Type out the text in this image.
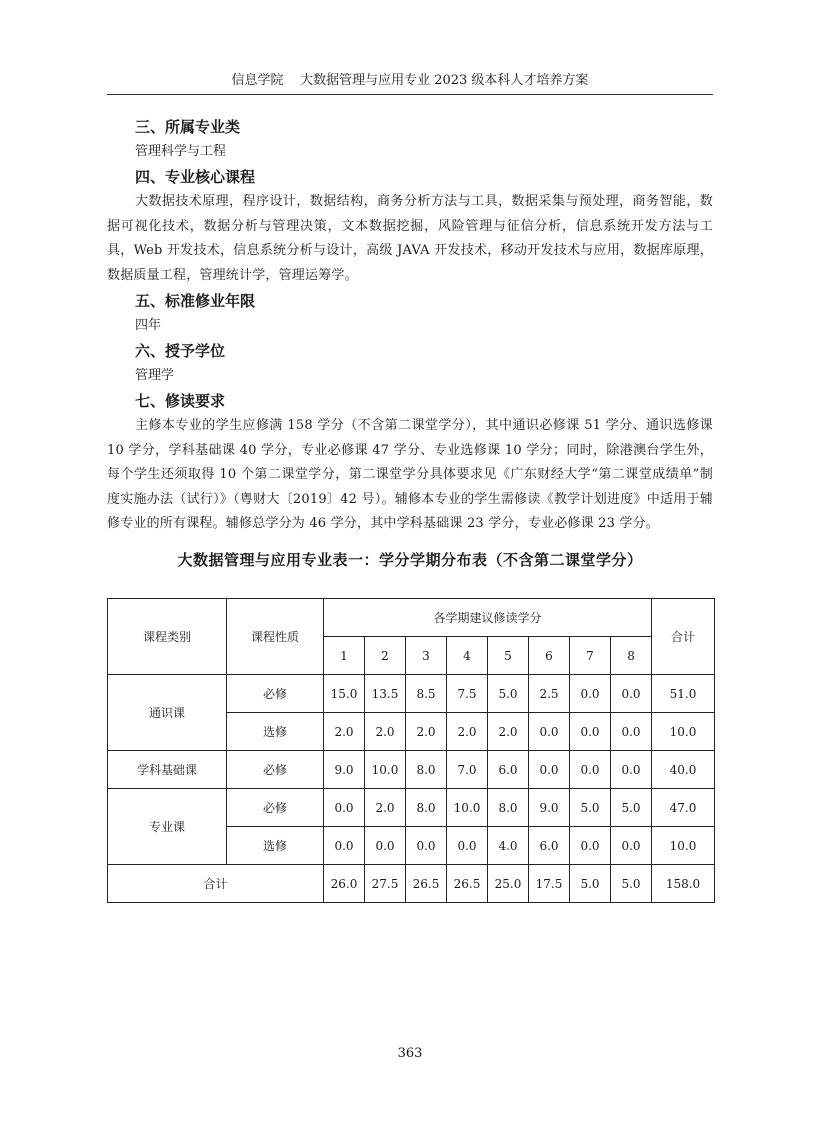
信息学院    大数据管理与应用专业 2023 级本科人才培养方案

三、所属专业类

管理科学与工程

四、专业核心课程

大数据技术原理，程序设计，数据结构，商务分析方法与工具，数据采集与预处理，商务智能，数据可视化技术，数据分析与管理决策，文本数据挖掘，风险管理与征信分析，信息系统开发方法与工具，Web 开发技术，信息系统分析与设计，高级 JAVA 开发技术，移动开发技术与应用，数据库原理，数据质量工程，管理统计学，管理运筹学。

五、标准修业年限

四年

六、授予学位

管理学

七、修读要求

主修本专业的学生应修满 158 学分（不含第二课堂学分），其中通识必修课 51 学分、通识选修课 10 学分，学科基础课 40 学分，专业必修课 47 学分、专业选修课 10 学分；同时，除港澳台学生外，每个学生还须取得 10 个第二课堂学分，第二课堂学分具体要求见《广东财经大学“第二课堂成绩单”制度实施办法（试行）》（粤财大〔2019〕42 号）。辅修本专业的学生需修读《教学计划进度》中适用于辅修专业的所有课程。辅修总学分为 46 学分，其中学科基础课 23 学分，专业必修课 23 学分。

大数据管理与应用专业表一：学分学期分布表（不含第二课堂学分）
课程类别	课程性质	各学期建议修读学分								合计
		1	2	3	4	5	6	7	8	
通识课	必修	15.0	13.5	8.5	7.5	5.0	2.5	0.0	0.0	51.0
	选修	2.0	2.0	2.0	2.0	2.0	0.0	0.0	0.0	10.0
学科基础课	必修	9.0	10.0	8.0	7.0	6.0	0.0	0.0	0.0	40.0
专业课	必修	0.0	2.0	8.0	10.0	8.0	9.0	5.0	5.0	47.0
	选修	0.0	0.0	0.0	0.0	4.0	6.0	0.0	0.0	10.0
合计		26.0	27.5	26.5	26.5	25.0	17.5	5.0	5.0	158.0
363
